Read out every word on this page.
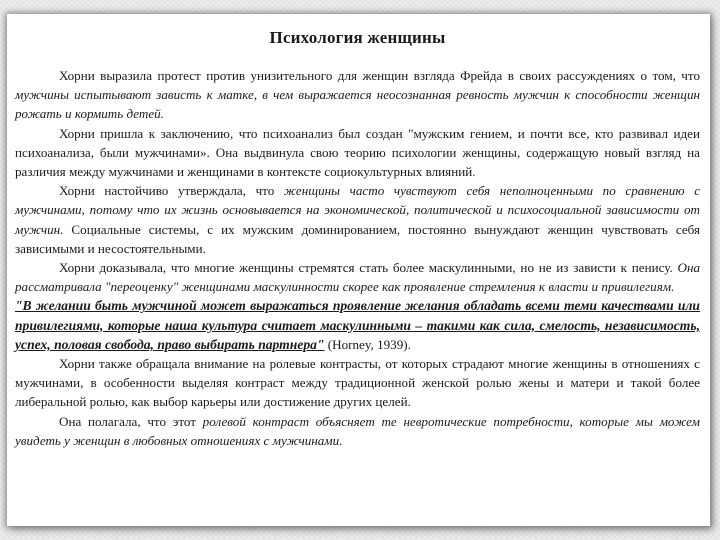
Психология женщины

Хорни выразила протест против унизительного для женщин взгляда Фрейда в своих рассуждениях о том, что мужчины испытывают зависть к матке, в чем выражается неосознанная ревность мужчин к способности женщин рожать и кормить детей.

Хорни пришла к заключению, что психоанализ был создан "мужским гением, и почти все, кто развивал идеи психоанализа, были мужчинами». Она выдвинула свою теорию психологии женщины, содержащую новый взгляд на различия между мужчинами и женщинами в контексте социокультурных влияний.

Хорни настойчиво утверждала, что женщины часто чувствуют себя неполноценными по сравнению с мужчинами, потому что их жизнь основывается на экономической, политической и психосоциальной зависимости от мужчин. Социальные системы, с их мужским доминированием, постоянно вынуждают женщин чувствовать себя зависимыми и несостоятельными.

Хорни доказывала, что многие женщины стремятся стать более маскулинными, но не из зависти к пенису. Она рассматривала "переоценку" женщинами маскулинности скорее как проявление стремления к власти и привилегиям.

"В желании быть мужчиной может выражаться проявление желания обладать всеми теми качествами или привилегиями, которые наша культура считает маскулинными – такими как сила, смелость, независимость, успех, половая свобода, право выбирать партнера" (Horney, 1939).

Хорни также обращала внимание на ролевые контрасты, от которых страдают многие женщины в отношениях с мужчинами, в особенности выделяя контраст между традиционной женской ролью жены и матери и такой более либеральной ролью, как выбор карьеры или достижение других целей.

Она полагала, что этот ролевой контраст объясняет те невротические потребности, которые мы можем увидеть у женщин в любовных отношениях с мужчинами.
